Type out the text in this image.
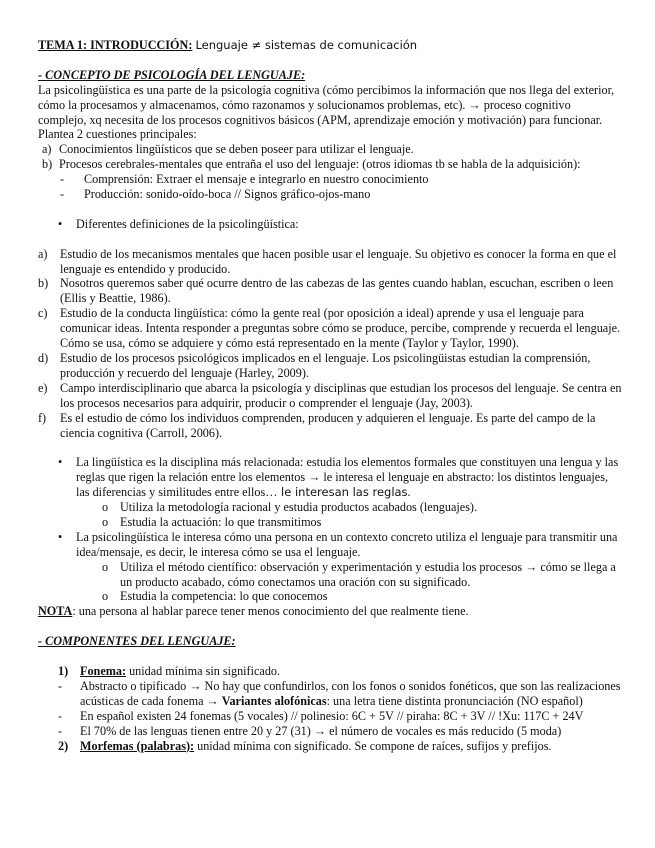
TEMA 1: INTRODUCCIÓN: Lenguaje ≠ sistemas de comunicación
- CONCEPTO DE PSICOLOGÍA DEL LENGUAJE:

La psicolingüística es una parte de la psicología cognitiva (cómo percibimos la información que nos llega del exterior, cómo la procesamos y almacenamos, cómo razonamos y solucionamos problemas, etc). → proceso cognitivo complejo, xq necesita de los procesos cognitivos básicos (APM, aprendizaje emoción y motivación) para funcionar.

Plantea 2 cuestiones principales:

a) Conocimientos lingüísticos que se deben poseer para utilizar el lenguaje.
b) Procesos cerebrales-mentales que entraña el uso del lenguaje: (otros idiomas tb se habla de la adquisición):
-	Comprensión: Extraer el mensaje e integrarlo en nuestro conocimiento
-	Producción: sonido-oído-boca // Signos gráfico-ojos-mano
•	Diferentes definiciones de la psicolingüística:
a)	Estudio de los mecanismos mentales que hacen posible usar el lenguaje. Su objetivo es conocer la forma en que el lenguaje es entendido y producido.
b) Nosotros queremos saber qué ocurre dentro de las cabezas de las gentes cuando hablan, escuchan, escriben o leen (Ellis y Beattie, 1986).
c)	Estudio de la conducta lingüística: cómo la gente real (por oposición a ideal) aprende y usa el lenguaje para comunicar ideas. Intenta responder a preguntas sobre cómo se produce, percibe, comprende y recuerda el lenguaje. Cómo se usa, cómo se adquiere y cómo está representado en la mente (Taylor y Taylor, 1990).
d) Estudio de los procesos psicológicos implicados en el lenguaje. Los psicolingüistas estudian la comprensión, producción y recuerdo del lenguaje (Harley, 2009).
e)	Campo interdisciplinario que abarca la psicología y disciplinas que estudian los procesos del lenguaje. Se centra en los procesos necesarios para adquirir, producir o comprender el lenguaje (Jay, 2003).
f)	Es el estudio de cómo los individuos comprenden, producen y adquieren el lenguaje. Es parte del campo de la ciencia cognitiva (Carroll, 2006).
•	La lingüística es la disciplina más relacionada: estudia los elementos formales que constituyen una lengua y las reglas que rigen la relación entre los elementos → le interesa el lenguaje en abstracto: los distintos lenguajes, las diferencias y similitudes entre ellos… le interesan las reglas.
o Utiliza la metodología racional y estudia productos acabados (lenguajes).
o Estudia la actuación: lo que transmitimos
•	La psicolingüística le interesa cómo una persona en un contexto concreto utiliza el lenguaje para transmitir una idea/mensaje, es decir, le interesa cómo se usa el lenguaje.
o Utiliza el método científico: observación y experimentación y estudia los procesos → cómo se llega a un producto acabado, cómo conectamos una oración con su significado.
o Estudia la competencia: lo que conocemos
NOTA: una persona al hablar parece tener menos conocimiento del que realmente tiene.
- COMPONENTES DEL LENGUAJE:
1) Fonema: unidad mínima sin significado.
-	Abstracto o tipificado → No hay que confundirlos, con los fonos o sonidos fonéticos, que son las realizaciones acústicas de cada fonema → Variantes alofónicas: una letra tiene distinta pronunciación (NO español)
-	En español existen 24 fonemas (5 vocales) // polinesio: 6C + 5V // piraha: 8C + 3V // !Xu: 117C + 24V
-	El 70% de las lenguas tienen entre 20 y 27 (31) → el número de vocales es más reducido (5 moda)
2) Morfemas (palabras): unidad mínima con significado. Se compone de raíces, sufijos y prefijos.
